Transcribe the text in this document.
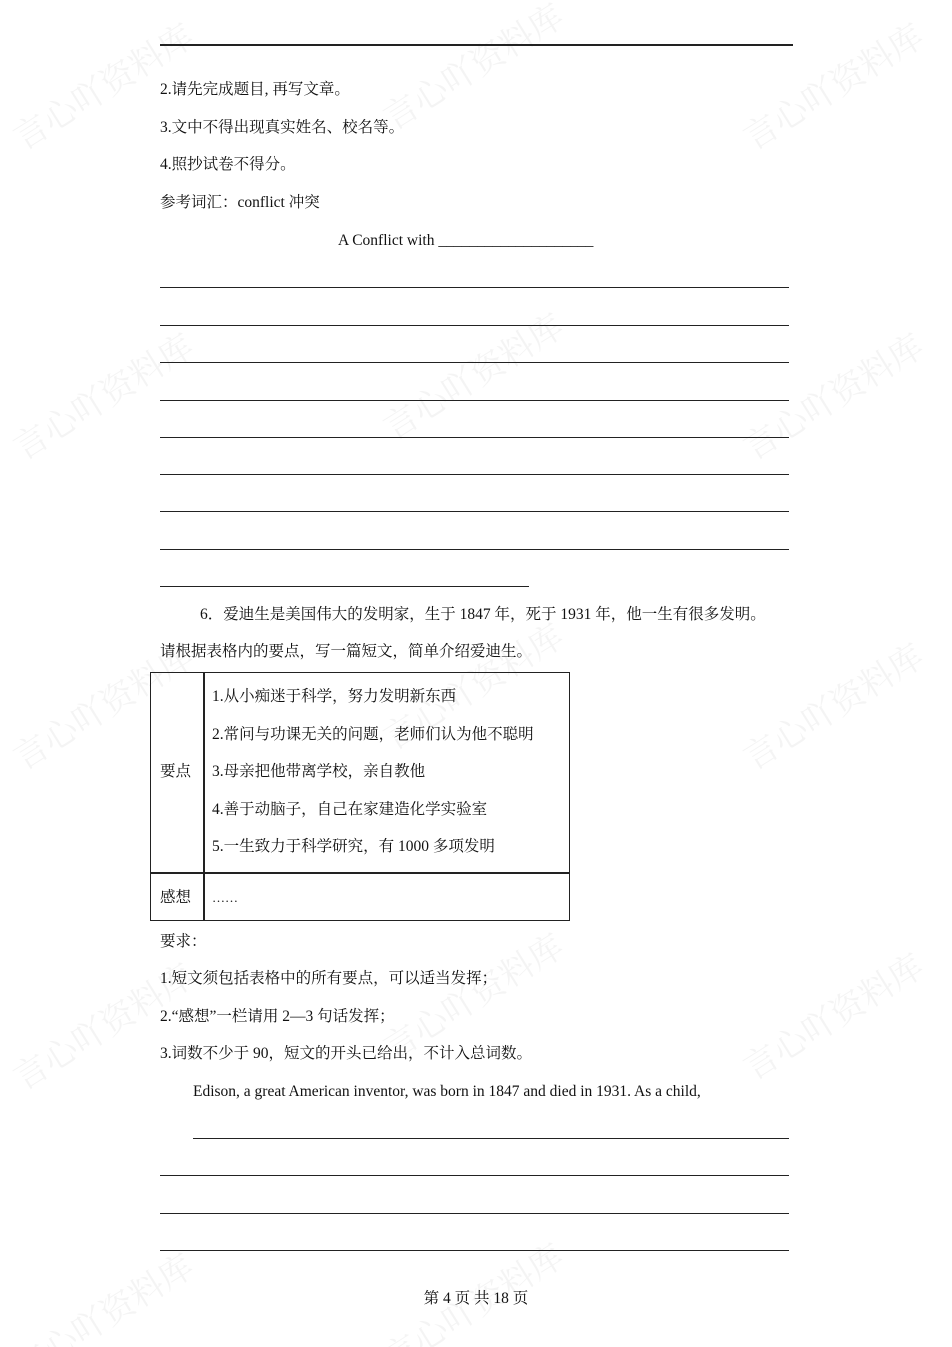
2.请先完成题目, 再写文章。
3.文中不得出现真实姓名、校名等。
4.照抄试卷不得分。
参考词汇：conflict 冲突
A Conflict with ____________________
6．爱迪生是美国伟大的发明家，生于 1847 年，死于 1931 年，他一生有很多发明。
请根据表格内的要点，写一篇短文，简单介绍爱迪生。
要点
1.从小痴迷于科学，努力发明新东西
2.常问与功课无关的问题，老师们认为他不聪明
3.母亲把他带离学校，亲自教他
4.善于动脑子，自己在家建造化学实验室
5.一生致力于科学研究，有 1000 多项发明
感想 ……
要求：
1.短文须包括表格中的所有要点，可以适当发挥；
2.“感想”一栏请用 2—3 句话发挥；
3.词数不少于 90，短文的开头已给出，不计入总词数。
Edison, a great American inventor, was born in 1847 and died in 1931. As a child,
第 4 页 共 18 页
